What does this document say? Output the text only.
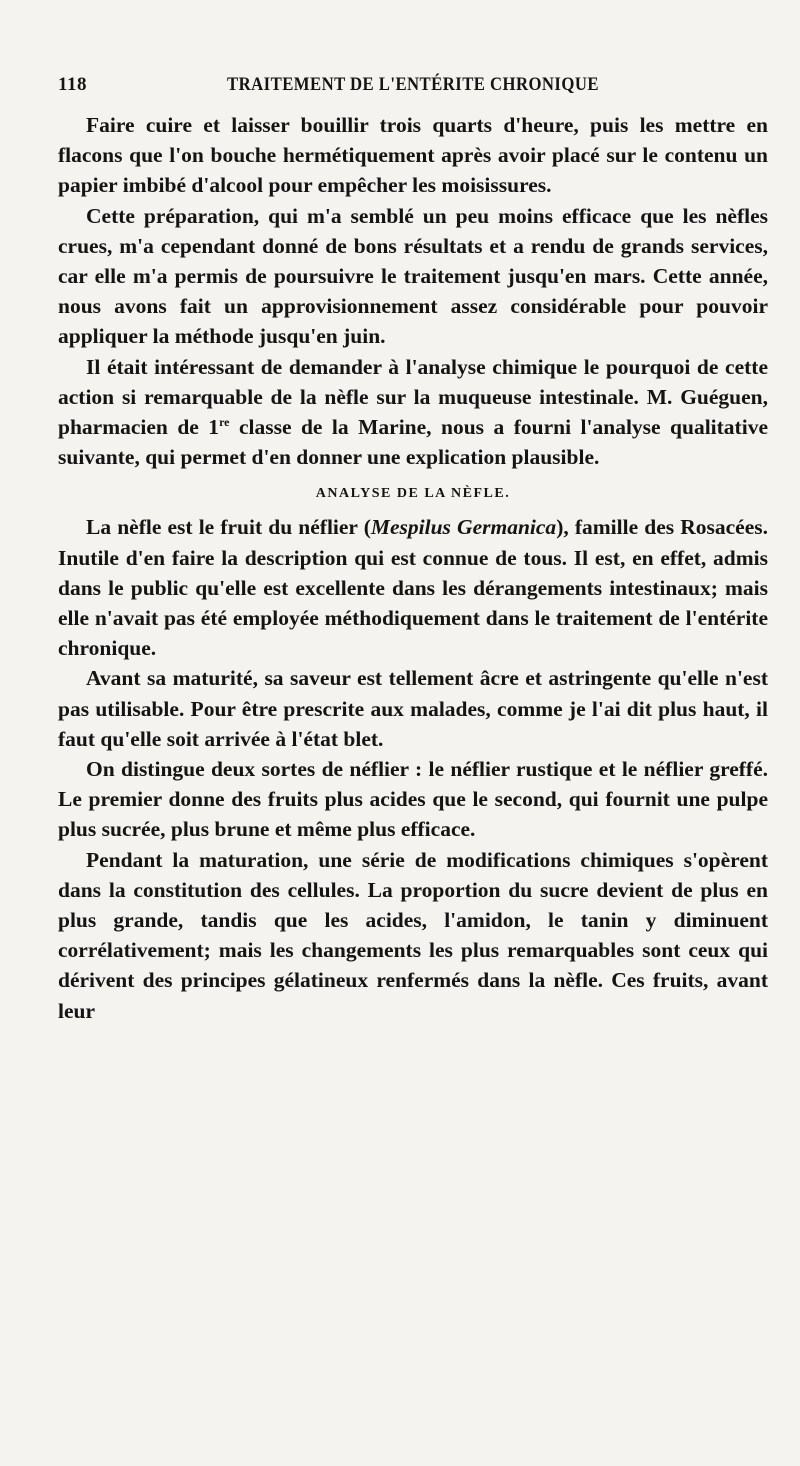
118	TRAITEMENT DE L'ENTÉRITE CHRONIQUE

Faire cuire et laisser bouillir trois quarts d'heure, puis les mettre en flacons que l'on bouche hermétiquement après avoir placé sur le contenu un papier imbibé d'alcool pour empêcher les moisissures.

Cette préparation, qui m'a semblé un peu moins efficace que les nèfles crues, m'a cependant donné de bons résultats et a rendu de grands services, car elle m'a permis de poursuivre le traitement jusqu'en mars. Cette année, nous avons fait un approvisionnement assez considérable pour pouvoir appliquer la méthode jusqu'en juin.

Il était intéressant de demander à l'analyse chimique le pourquoi de cette action si remarquable de la nèfle sur la muqueuse intestinale. M. Guéguen, pharmacien de 1re classe de la Marine, nous a fourni l'analyse qualitative suivante, qui permet d'en donner une explication plausible.

ANALYSE DE LA NÈFLE.

La nèfle est le fruit du néflier (Mespilus Germanica), famille des Rosacées. Inutile d'en faire la description qui est connue de tous. Il est, en effet, admis dans le public qu'elle est excellente dans les dérangements intestinaux; mais elle n'avait pas été employée méthodiquement dans le traitement de l'entérite chronique.

Avant sa maturité, sa saveur est tellement âcre et astringente qu'elle n'est pas utilisable. Pour être prescrite aux malades, comme je l'ai dit plus haut, il faut qu'elle soit arrivée à l'état blet.

On distingue deux sortes de néflier : le néflier rustique et le néflier greffé. Le premier donne des fruits plus acides que le second, qui fournit une pulpe plus sucrée, plus brune et même plus efficace.

Pendant la maturation, une série de modifications chimiques s'opèrent dans la constitution des cellules. La proportion du sucre devient de plus en plus grande, tandis que les acides, l'amidon, le tanin y diminuent corrélativement; mais les changements les plus remarquables sont ceux qui dérivent des principes gélatineux renfermés dans la nèfle. Ces fruits, avant leur
